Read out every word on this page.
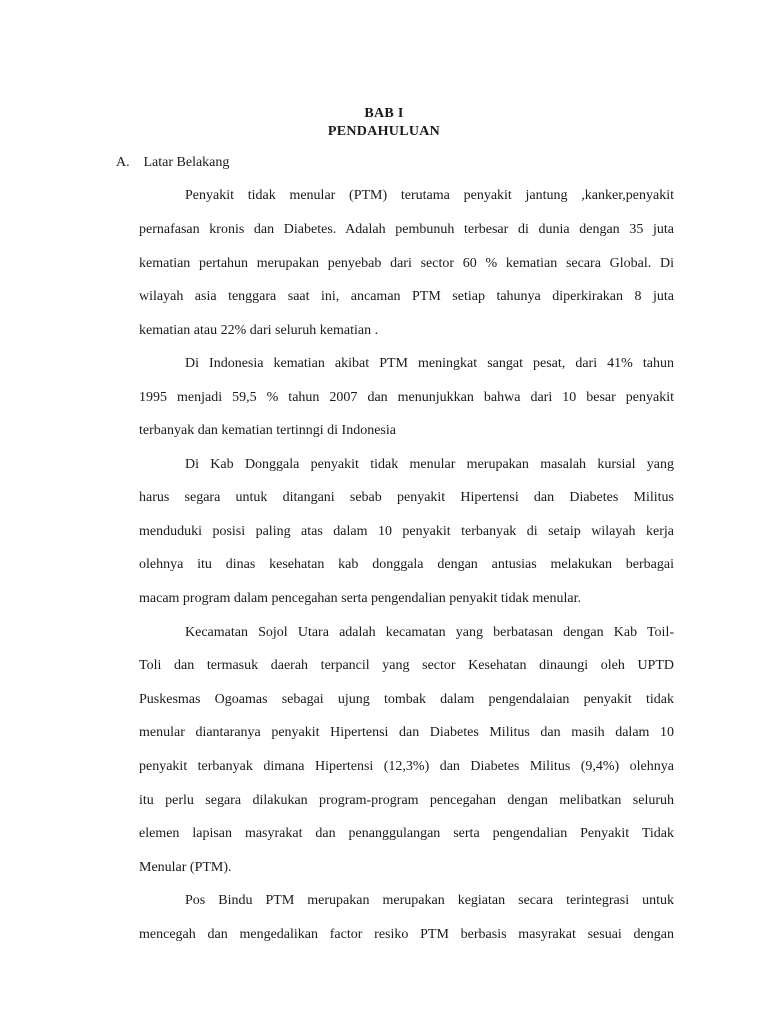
BAB I
PENDAHULUAN
A. Latar Belakang
Penyakit tidak menular (PTM) terutama penyakit jantung ,kanker,penyakit
pernafasan kronis dan Diabetes. Adalah pembunuh terbesar di dunia dengan 35 juta
kematian pertahun merupakan penyebab dari sector 60 % kematian secara Global. Di
wilayah asia tenggara saat ini, ancaman PTM setiap tahunya diperkirakan 8 juta
kematian atau 22% dari seluruh kematian .
Di Indonesia kematian akibat PTM meningkat sangat pesat, dari 41% tahun
1995 menjadi 59,5 % tahun 2007 dan menunjukkan bahwa dari 10 besar penyakit
terbanyak dan kematian tertinngi di Indonesia
Di Kab Donggala penyakit tidak menular merupakan masalah kursial yang
harus segara untuk ditangani sebab penyakit Hipertensi dan Diabetes Militus
menduduki posisi paling atas dalam 10 penyakit terbanyak di setaip wilayah kerja
olehnya itu dinas kesehatan kab donggala dengan antusias melakukan berbagai
macam program dalam pencegahan serta pengendalian penyakit tidak menular.
Kecamatan Sojol Utara adalah kecamatan yang berbatasan dengan Kab Toil-
Toli dan termasuk daerah terpancil yang sector Kesehatan dinaungi oleh UPTD
Puskesmas Ogoamas sebagai ujung tombak dalam pengendalaian penyakit tidak
menular diantaranya penyakit Hipertensi dan Diabetes Militus dan masih dalam 10
penyakit terbanyak dimana Hipertensi (12,3%) dan Diabetes Militus (9,4%) olehnya
itu perlu segara dilakukan program-program pencegahan dengan melibatkan seluruh
elemen lapisan masyrakat dan penanggulangan serta pengendalian Penyakit Tidak
Menular (PTM).
Pos Bindu PTM merupakan merupakan kegiatan secara terintegrasi untuk
mencegah dan mengedalikan factor resiko PTM berbasis masyrakat sesuai dengan
